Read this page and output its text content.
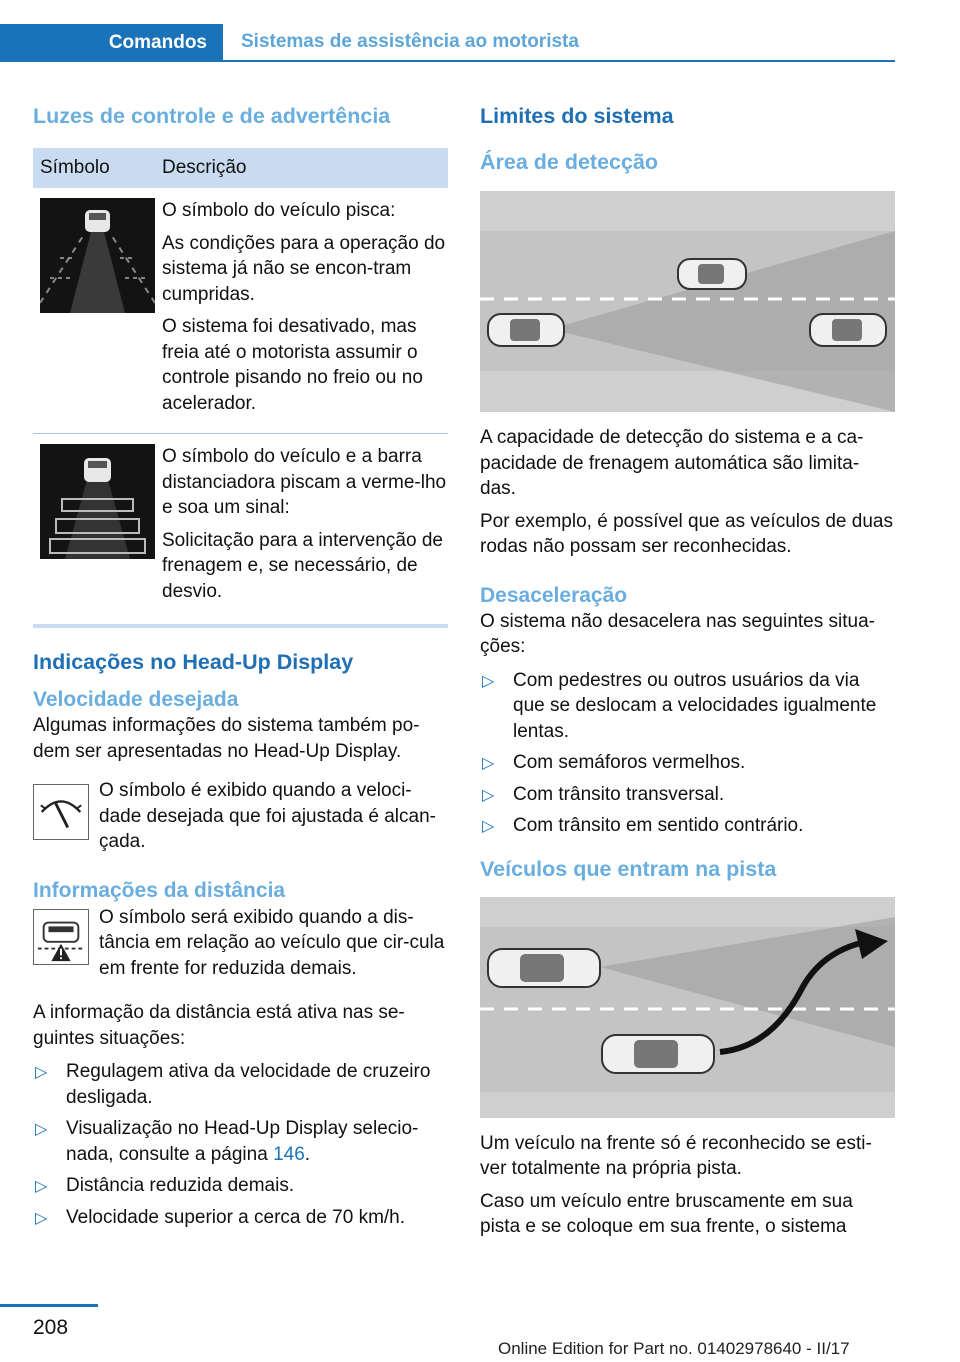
Comandos	Sistemas de assistência ao motorista
Luzes de controle e de advertência
Símbolo	Descrição

O símbolo do veículo pisca:

As condições para a operação do sistema já não se encon-tram cumpridas.

O sistema foi desativado, mas freia até o motorista assumir o controle pisando no freio ou no acelerador.

O símbolo do veículo e a barra distanciadora piscam a verme-lho e soa um sinal:

Solicitação para a intervenção de frenagem e, se necessário, de desvio.

Indicações no Head-Up Display
Velocidade desejada

Algumas informações do sistema também po-dem ser apresentadas no Head-Up Display.

O símbolo é exibido quando a veloci-dade desejada que foi ajustada é alcan-çada.

Informações da distância

O símbolo será exibido quando a dis-tância em relação ao veículo que cir-cula em frente for reduzida demais.

A informação da distância está ativa nas se-guintes situações:

▷ Regulagem ativa da velocidade de cruzeiro desligada.
▷ Visualização no Head-Up Display selecio-nada, consulte a página 146.
▷ Distância reduzida demais.
▷ Velocidade superior a cerca de 70 km/h.
Limites do sistema
Área de detecção

A capacidade de detecção do sistema e a ca-pacidade de frenagem automática são limita-das.

Por exemplo, é possível que as veículos de duas rodas não possam ser reconhecidas.

Desaceleração

O sistema não desacelera nas seguintes situa-ções:

▷ Com pedestres ou outros usuários da via que se deslocam a velocidades igualmente lentas.
▷ Com semáforos vermelhos.
▷ Com trânsito transversal.
▷ Com trânsito em sentido contrário.
Veículos que entram na pista

Um veículo na frente só é reconhecido se esti-ver totalmente na própria pista.

Caso um veículo entre bruscamente em sua pista e se coloque em sua frente, o sistema

208
Online Edition for Part no. 01402978640 - II/17
